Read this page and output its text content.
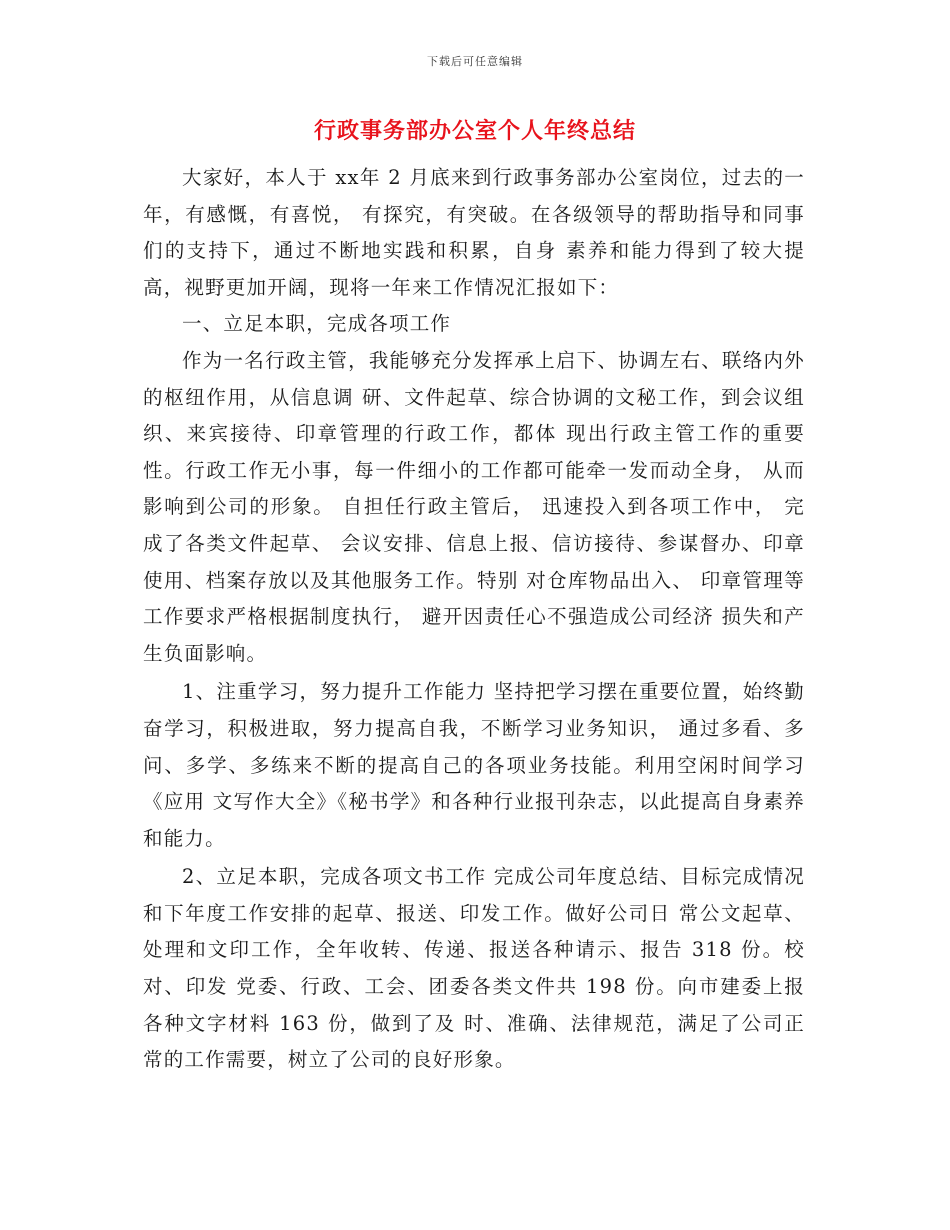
下载后可任意编辑
行政事务部办公室个人年终总结

大家好，本人于 xx年 2 月底来到行政事务部办公室岗位，过去的一年，有感慨，有喜悦， 有探究，有突破。在各级领导的帮助指导和同事们的支持下，通过不断地实践和积累，自身 素养和能力得到了较大提高，视野更加开阔，现将一年来工作情况汇报如下：

一、立足本职，完成各项工作

作为一名行政主管，我能够充分发挥承上启下、协调左右、联络内外的枢纽作用，从信息调 研、文件起草、综合协调的文秘工作，到会议组织、来宾接待、印章管理的行政工作，都体 现出行政主管工作的重要性。行政工作无小事，每一件细小的工作都可能牵一发而动全身， 从而影响到公司的形象。 自担任行政主管后， 迅速投入到各项工作中， 完成了各类文件起草、 会议安排、信息上报、信访接待、参谋督办、印章使用、档案存放以及其他服务工作。特别 对仓库物品出入、 印章管理等工作要求严格根据制度执行， 避开因责任心不强造成公司经济 损失和产生负面影响。

1、注重学习，努力提升工作能力 坚持把学习摆在重要位置，始终勤奋学习，积极进取，努力提高自我，不断学习业务知识， 通过多看、多问、多学、多练来不断的提高自己的各项业务技能。利用空闲时间学习《应用 文写作大全》《秘书学》和各种行业报刊杂志，以此提高自身素养和能力。

2、立足本职，完成各项文书工作 完成公司年度总结、目标完成情况和下年度工作安排的起草、报送、印发工作。做好公司日 常公文起草、处理和文印工作，全年收转、传递、报送各种请示、报告 318 份。校对、印发 党委、行政、工会、团委各类文件共 198 份。向市建委上报各种文字材料 163 份，做到了及 时、准确、法律规范，满足了公司正常的工作需要，树立了公司的良好形象。
